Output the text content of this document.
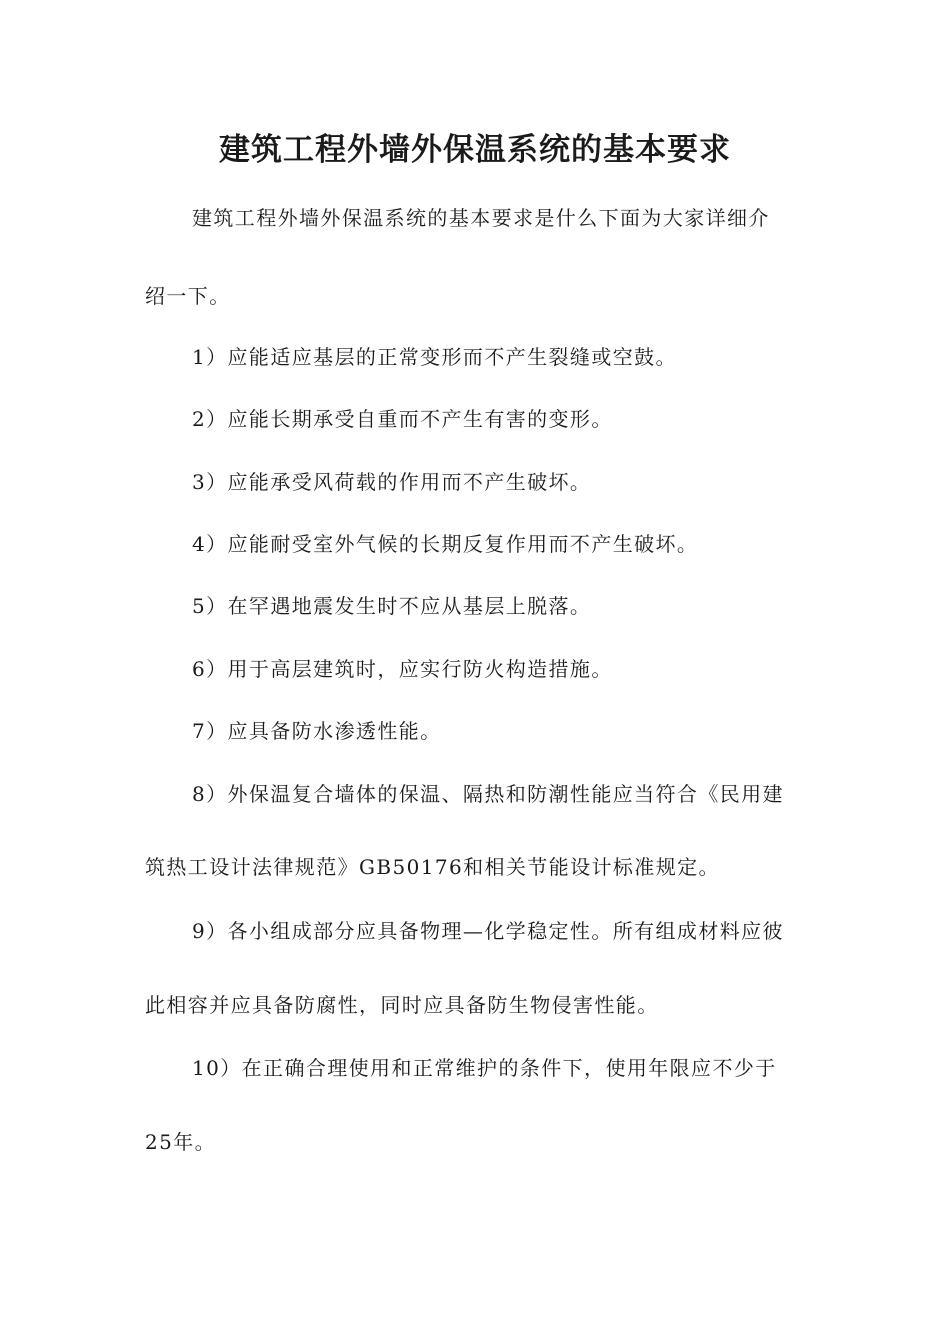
建筑工程外墙外保温系统的基本要求
建筑工程外墙外保温系统的基本要求是什么下面为大家详细介
绍一下。
1）应能适应基层的正常变形而不产生裂缝或空鼓。
2）应能长期承受自重而不产生有害的变形。
3）应能承受风荷载的作用而不产生破坏。
4）应能耐受室外气候的长期反复作用而不产生破坏。
5）在罕遇地震发生时不应从基层上脱落。
6）用于高层建筑时，应实行防火构造措施。
7）应具备防水渗透性能。
8）外保温复合墙体的保温、隔热和防潮性能应当符合《民用建
筑热工设计法律规范》GB50176和相关节能设计标准规定。
9）各小组成部分应具备物理—化学稳定性。所有组成材料应彼
此相容并应具备防腐性，同时应具备防生物侵害性能。
10）在正确合理使用和正常维护的条件下，使用年限应不少于
25年。
